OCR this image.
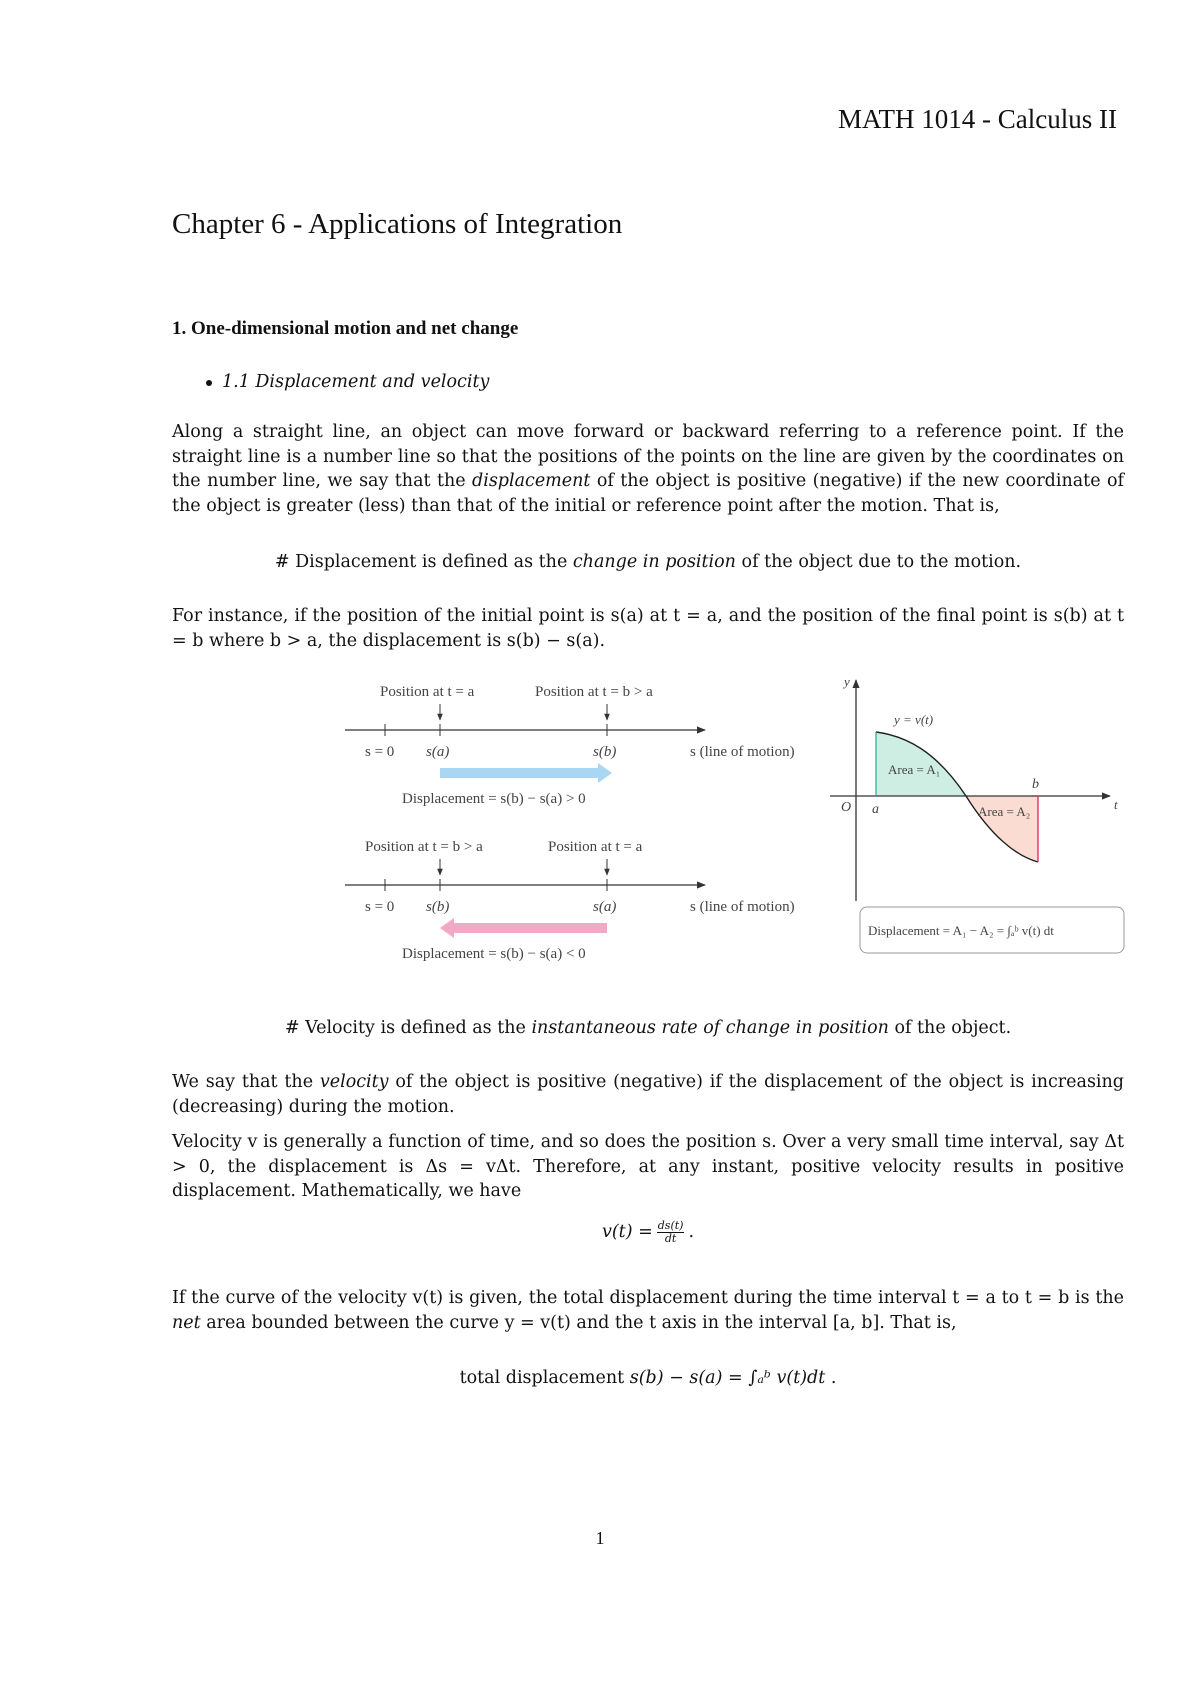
MATH 1014 - Calculus II
Chapter 6 - Applications of Integration
1. One-dimensional motion and net change
1.1 Displacement and velocity
Along a straight line, an object can move forward or backward referring to a reference point. If the straight line is a number line so that the positions of the points on the line are given by the coordinates on the number line, we say that the displacement of the object is positive (negative) if the new coordinate of the object is greater (less) than that of the initial or reference point after the motion. That is,
# Displacement is defined as the change in position of the object due to the motion.
For instance, if the position of the initial point is s(a) at t = a, and the position of the final point is s(b) at t = b where b > a, the displacement is s(b) − s(a).
Position at t = a	Position at t = b > a
s = 0 s(a)	s(b)	s (line of motion)
Displacement = s(b) − s(a) > 0
Position at t = b > a	Position at t = a
s = 0 s(b)	s(a)	s (line of motion)
Displacement = s(b) − s(a) < 0
y
t
O a
b
y = v(t)
Area = A₁
Area = A₂
Displacement = A₁ − A₂ = ∫ₐᵇ v(t) dt
# Velocity is defined as the instantaneous rate of change in position of the object.
We say that the velocity of the object is positive (negative) if the displacement of the object is increasing (decreasing) during the motion.
Velocity v is generally a function of time, and so does the position s. Over a very small time interval, say Δt > 0, the displacement is Δs = vΔt. Therefore, at any instant, positive velocity results in positive displacement. Mathematically, we have
$v(t) = \frac{ds(t)}{dt}$ .
If the curve of the velocity v(t) is given, the total displacement during the time interval t = a to t = b is the net area bounded between the curve y = v(t) and the t axis in the interval [a, b]. That is,
total displacement s(b) − s(a) = ∫ₐᵇ v(t)dt .
1
